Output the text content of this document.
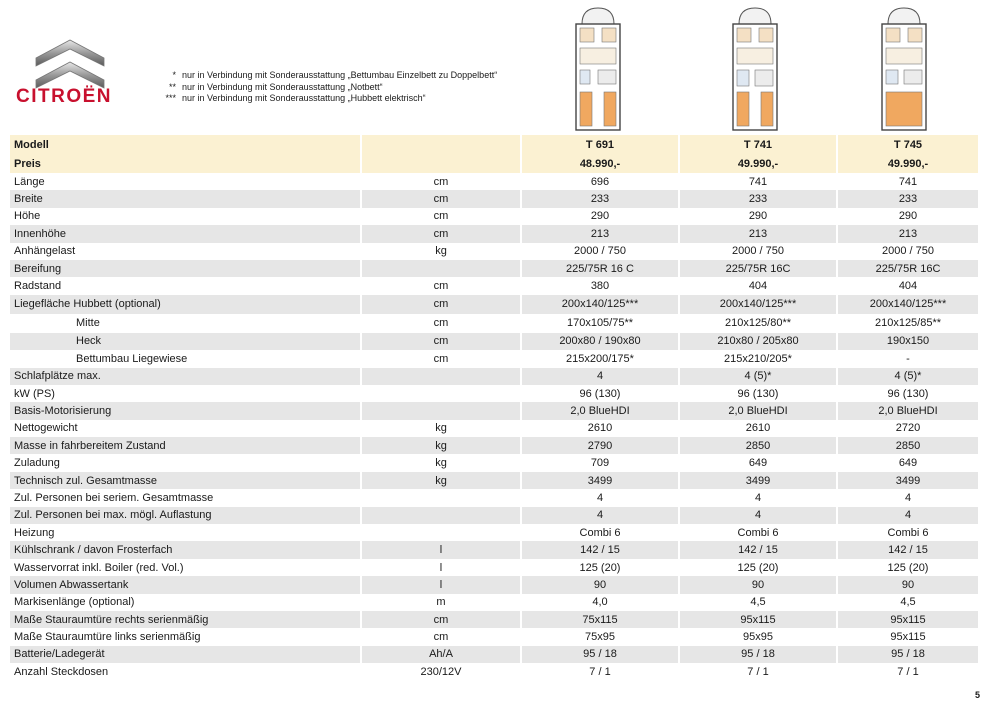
CITROËN
* nur in Verbindung mit Sonderausstattung „Bettumbau Einzelbett zu Doppelbett“
** nur in Verbindung mit Sonderausstattung „Notbett“
*** nur in Verbindung mit Sonderausstattung „Hubbett elektrisch“
Modell		T 691	T 741	T 745
Preis		48.990,-	49.990,-	49.990,-
Länge	cm	696	741	741
Breite	cm	233	233	233
Höhe	cm	290	290	290
Innenhöhe	cm	213	213	213
Anhängelast	kg	2000 / 750	2000 / 750	2000 / 750
Bereifung		225/75R 16 C	225/75R 16C	225/75R 16C
Radstand	cm	380	404	404
Liegefläche Hubbett (optional)	cm	200x140/125***	200x140/125***	200x140/125***
Mitte	cm	170x105/75**	210x125/80**	210x125/85**
Heck	cm	200x80 / 190x80	210x80 / 205x80	190x150
Bettumbau Liegewiese	cm	215x200/175*	215x210/205*	-
Schlafplätze max.		4	4 (5)*	4 (5)*
kW (PS)		96 (130)	96 (130)	96 (130)
Basis-Motorisierung		2,0 BlueHDI	2,0 BlueHDI	2,0 BlueHDI
Nettogewicht	kg	2610	2610	2720
Masse in fahrbereitem Zustand	kg	2790	2850	2850
Zuladung	kg	709	649	649
Technisch zul. Gesamtmasse	kg	3499	3499	3499
Zul. Personen bei seriem. Gesamtmasse		4	4	4
Zul. Personen bei max. mögl. Auflastung		4	4	4
Heizung		Combi 6	Combi 6	Combi 6
Kühlschrank / davon Frosterfach	l	142 / 15	142 / 15	142 / 15
Wasservorrat inkl. Boiler (red. Vol.)	l	125 (20)	125 (20)	125 (20)
Volumen Abwassertank	l	90	90	90
Markisenlänge (optional)	m	4,0	4,5	4,5
Maße Stauraumtüre rechts serienmäßig	cm	75x115	95x115	95x115
Maße Stauraumtüre links serienmäßig	cm	75x95	95x95	95x115
Batterie/Ladegerät	Ah/A	95 / 18	95 / 18	95 / 18
Anzahl Steckdosen	230/12V	7 / 1	7 / 1	7 / 1
5
